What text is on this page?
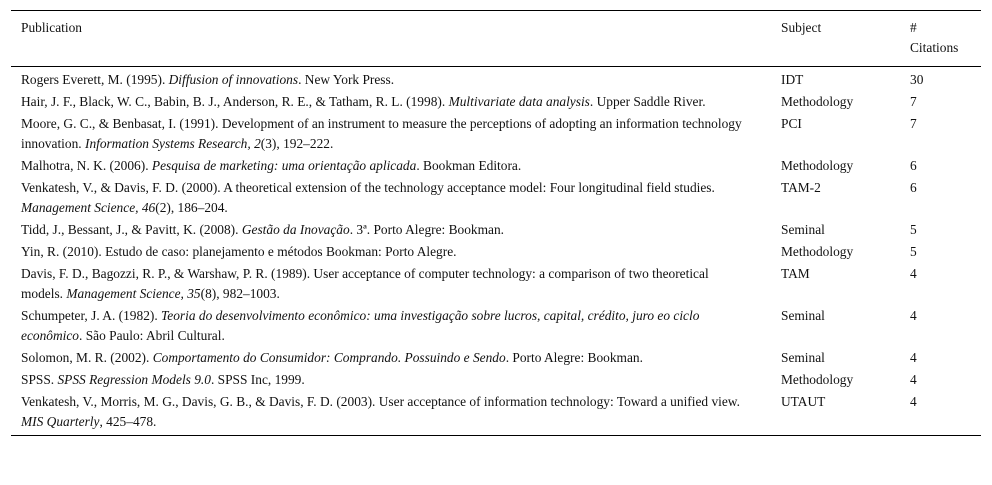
Publication	Subject	#
Citations
Rogers Everett, M. (1995). Diffusion of innovations. New York Press.	IDT	30
Hair, J. F., Black, W. C., Babin, B. J., Anderson, R. E., & Tatham, R. L. (1998). Multivariate data analysis. Upper Saddle River.	Methodology	7
Moore, G. C., & Benbasat, I. (1991). Development of an instrument to measure the perceptions of adopting an information technology innovation. Information Systems Research, 2(3), 192–222.	PCI	7
Malhotra, N. K. (2006). Pesquisa de marketing: uma orientação aplicada. Bookman Editora.	Methodology	6
Venkatesh, V., & Davis, F. D. (2000). A theoretical extension of the technology acceptance model: Four longitudinal field studies. Management Science, 46(2), 186–204.	TAM-2	6
Tidd, J., Bessant, J., & Pavitt, K. (2008). Gestão da Inovação. 3ª. Porto Alegre: Bookman.	Seminal	5
Yin, R. (2010). Estudo de caso: planejamento e métodos Bookman: Porto Alegre.	Methodology	5
Davis, F. D., Bagozzi, R. P., & Warshaw, P. R. (1989). User acceptance of computer technology: a comparison of two theoretical models. Management Science, 35(8), 982–1003.	TAM	4
Schumpeter, J. A. (1982). Teoria do desenvolvimento econômico: uma investigação sobre lucros, capital, crédito, juro eo ciclo econômico. São Paulo: Abril Cultural.	Seminal	4
Solomon, M. R. (2002). Comportamento do Consumidor: Comprando. Possuindo e Sendo. Porto Alegre: Bookman.	Seminal	4
SPSS. SPSS Regression Models 9.0. SPSS Inc, 1999.	Methodology	4
Venkatesh, V., Morris, M. G., Davis, G. B., & Davis, F. D. (2003). User acceptance of information technology: Toward a unified view. MIS Quarterly, 425–478.	UTAUT	4
